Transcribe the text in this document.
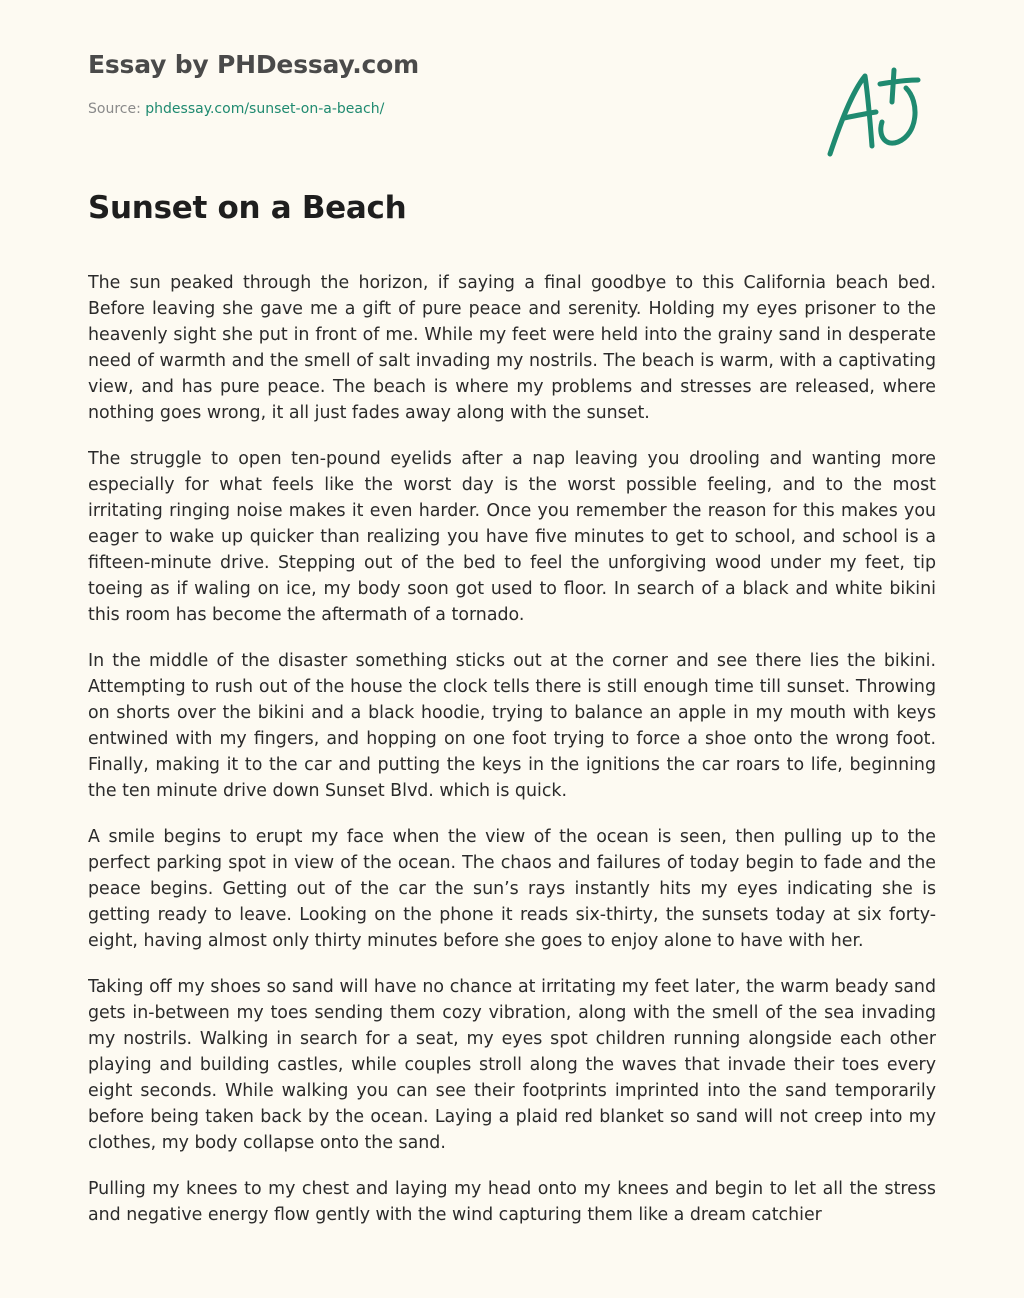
Essay by PHDessay.com
Source: phdessay.com/sunset-on-a-beach/
Sunset on a Beach

The sun peaked through the horizon, if saying a final goodbye to this California beach bed. Before leaving she gave me a gift of pure peace and serenity. Holding my eyes prisoner to the heavenly sight she put in front of me. While my feet were held into the grainy sand in desperate need of warmth and the smell of salt invading my nostrils. The beach is warm, with a captivating view, and has pure peace. The beach is where my problems and stresses are released, where nothing goes wrong, it all just fades away along with the sunset.

The struggle to open ten-pound eyelids after a nap leaving you drooling and wanting more especially for what feels like the worst day is the worst possible feeling, and to the most irritating ringing noise makes it even harder. Once you remember the reason for this makes you eager to wake up quicker than realizing you have five minutes to get to school, and school is a fifteen-minute drive. Stepping out of the bed to feel the unforgiving wood under my feet, tip toeing as if waling on ice, my body soon got used to floor. In search of a black and white bikini this room has become the aftermath of a tornado.

In the middle of the disaster something sticks out at the corner and see there lies the bikini. Attempting to rush out of the house the clock tells there is still enough time till sunset. Throwing on shorts over the bikini and a black hoodie, trying to balance an apple in my mouth with keys entwined with my fingers, and hopping on one foot trying to force a shoe onto the wrong foot. Finally, making it to the car and putting the keys in the ignitions the car roars to life, beginning the ten minute drive down Sunset Blvd. which is quick.

A smile begins to erupt my face when the view of the ocean is seen, then pulling up to the perfect parking spot in view of the ocean. The chaos and failures of today begin to fade and the peace begins. Getting out of the car the sun’s rays instantly hits my eyes indicating she is getting ready to leave. Looking on the phone it reads six-thirty, the sunsets today at six forty-eight, having almost only thirty minutes before she goes to enjoy alone to have with her.

Taking off my shoes so sand will have no chance at irritating my feet later, the warm beady sand gets in-between my toes sending them cozy vibration, along with the smell of the sea invading my nostrils. Walking in search for a seat, my eyes spot children running alongside each other playing and building castles, while couples stroll along the waves that invade their toes every eight seconds. While walking you can see their footprints imprinted into the sand temporarily before being taken back by the ocean. Laying a plaid red blanket so sand will not creep into my clothes, my body collapse onto the sand.

Pulling my knees to my chest and laying my head onto my knees and begin to let all the stress and negative energy flow gently with the wind capturing them like a dream catchier
